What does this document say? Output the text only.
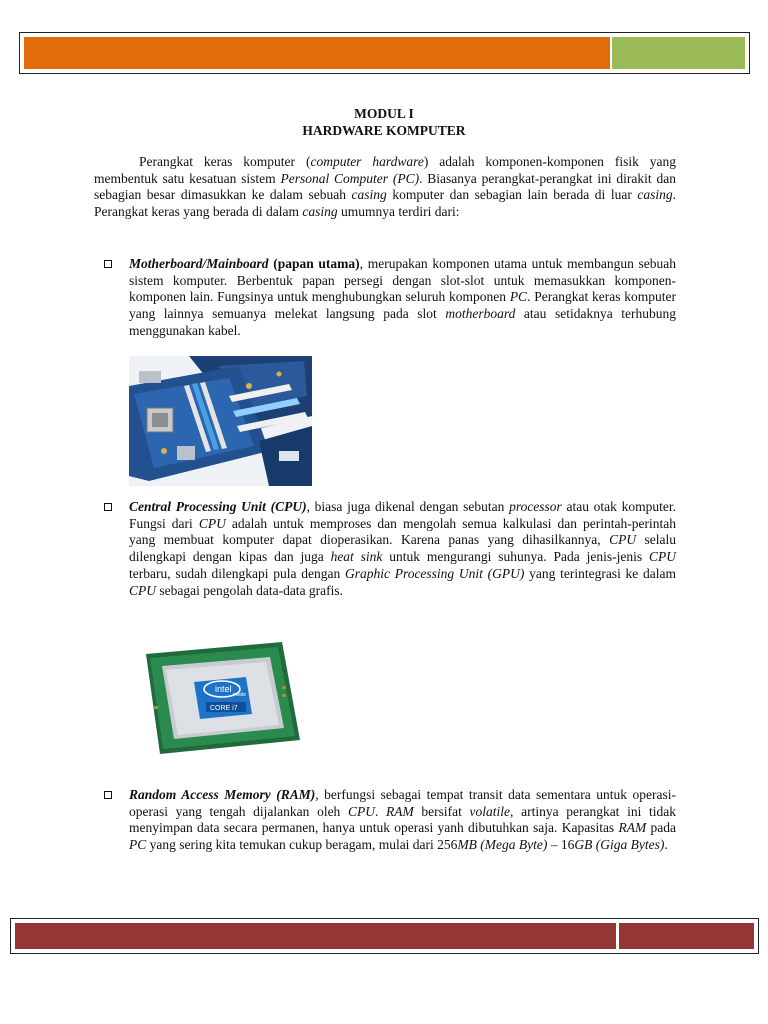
MODUL I
HARDWARE KOMPUTER
Perangkat keras komputer (computer hardware) adalah komponen-komponen fisik yang membentuk satu kesatuan sistem Personal Computer (PC). Biasanya perangkat-perangkat ini dirakit dan sebagian besar dimasukkan ke dalam sebuah casing komputer dan sebagian lain berada di luar casing. Perangkat keras yang berada di dalam casing umumnya terdiri dari:
Motherboard/Mainboard (papan utama), merupakan komponen utama untuk membangun sebuah sistem komputer. Berbentuk papan persegi dengan slot-slot untuk memasukkan komponen-komponen lain. Fungsinya untuk menghubungkan seluruh komponen PC. Perangkat keras komputer yang lainnya semuanya melekat langsung pada slot motherboard atau setidaknya terhubung menggunakan kabel.
Central Processing Unit (CPU), biasa juga dikenal dengan sebutan processor atau otak komputer. Fungsi dari CPU adalah untuk memproses dan mengolah semua kalkulasi dan perintah-perintah yang membuat komputer dapat dioperasikan. Karena panas yang dihasilkannya, CPU selalu dilengkapi dengan kipas dan juga heat sink untuk mengurangi suhunya. Pada jenis-jenis CPU terbaru, sudah dilengkapi pula dengan Graphic Processing Unit (GPU) yang terintegrasi ke dalam CPU sebagai pengolah data-data grafis.
intel
inside
CORE i7
Random Access Memory (RAM), berfungsi sebagai tempat transit data sementara untuk operasi-operasi yang tengah dijalankan oleh CPU. RAM bersifat volatile, artinya perangkat ini tidak menyimpan data secara permanen, hanya untuk operasi yanh dibutuhkan saja. Kapasitas RAM pada PC yang sering kita temukan cukup beragam, mulai dari 256MB (Mega Byte) – 16GB (Giga Bytes).
